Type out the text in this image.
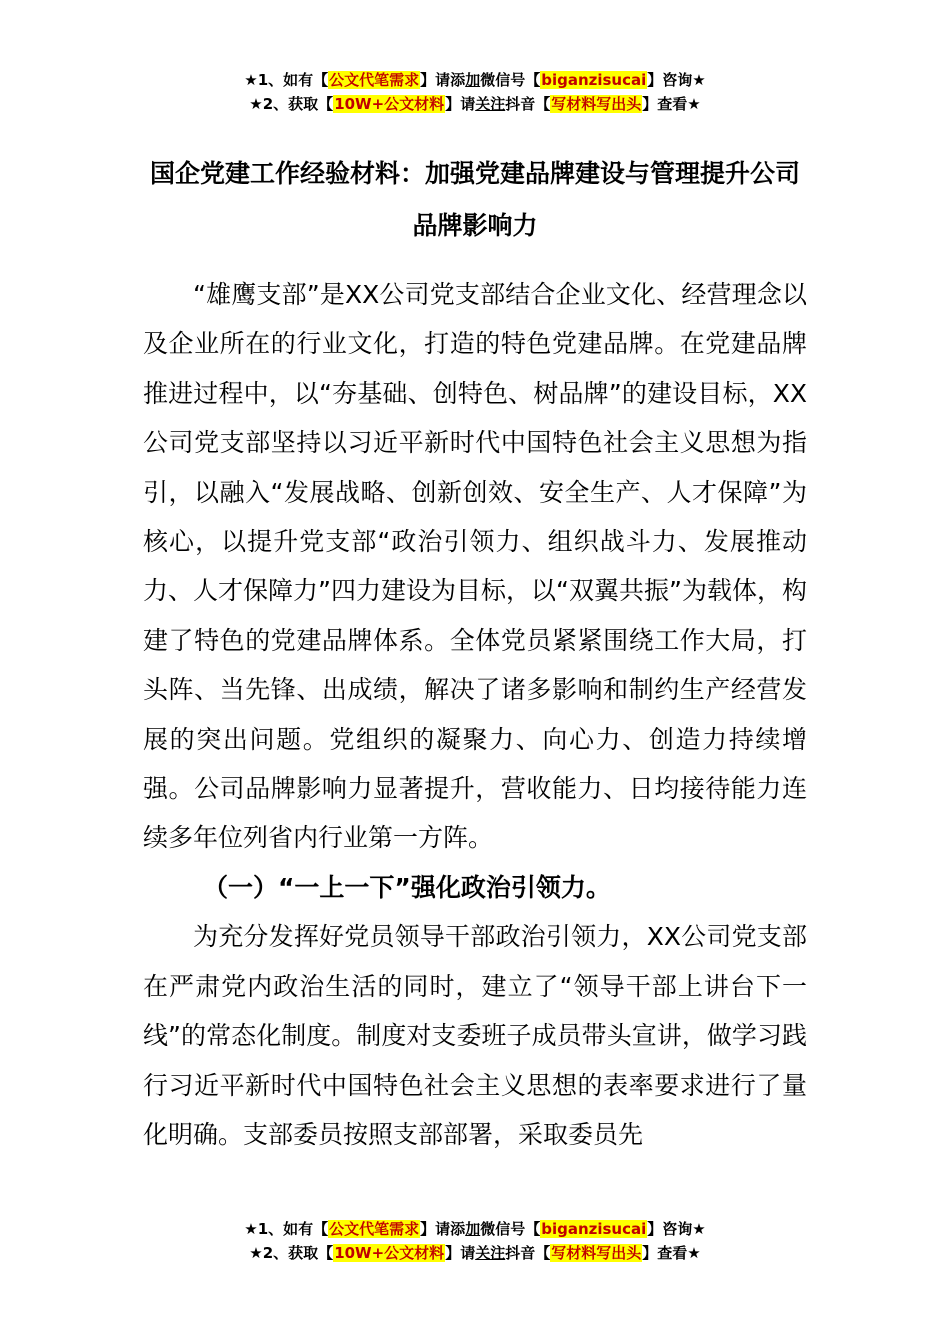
★1、如有【公文代笔需求】请添加微信号【biganzisucai】咨询★
★2、获取【10W+公文材料】请关注抖音【写材料写出头】查看★
国企党建工作经验材料：加强党建品牌建设与管理提升公司品牌影响力

“雄鹰支部”是XX公司党支部结合企业文化、经营理念以及企业所在的行业文化，打造的特色党建品牌。在党建品牌推进过程中，以“夯基础、创特色、树品牌”的建设目标，XX公司党支部坚持以习近平新时代中国特色社会主义思想为指引，以融入“发展战略、创新创效、安全生产、人才保障”为核心，以提升党支部“政治引领力、组织战斗力、发展推动力、人才保障力”四力建设为目标，以“双翼共振”为载体，构建了特色的党建品牌体系。全体党员紧紧围绕工作大局，打头阵、当先锋、出成绩，解决了诸多影响和制约生产经营发展的突出问题。党组织的凝聚力、向心力、创造力持续增强。公司品牌影响力显著提升，营收能力、日均接待能力连续多年位列省内行业第一方阵。

（一）“一上一下”强化政治引领力。

为充分发挥好党员领导干部政治引领力，XX公司党支部在严肃党内政治生活的同时，建立了“领导干部上讲台下一线”的常态化制度。制度对支委班子成员带头宣讲，做学习践行习近平新时代中国特色社会主义思想的表率要求进行了量化明确。支部委员按照支部部署，采取委员先

★1、如有【公文代笔需求】请添加微信号【biganzisucai】咨询★
★2、获取【10W+公文材料】请关注抖音【写材料写出头】查看★
